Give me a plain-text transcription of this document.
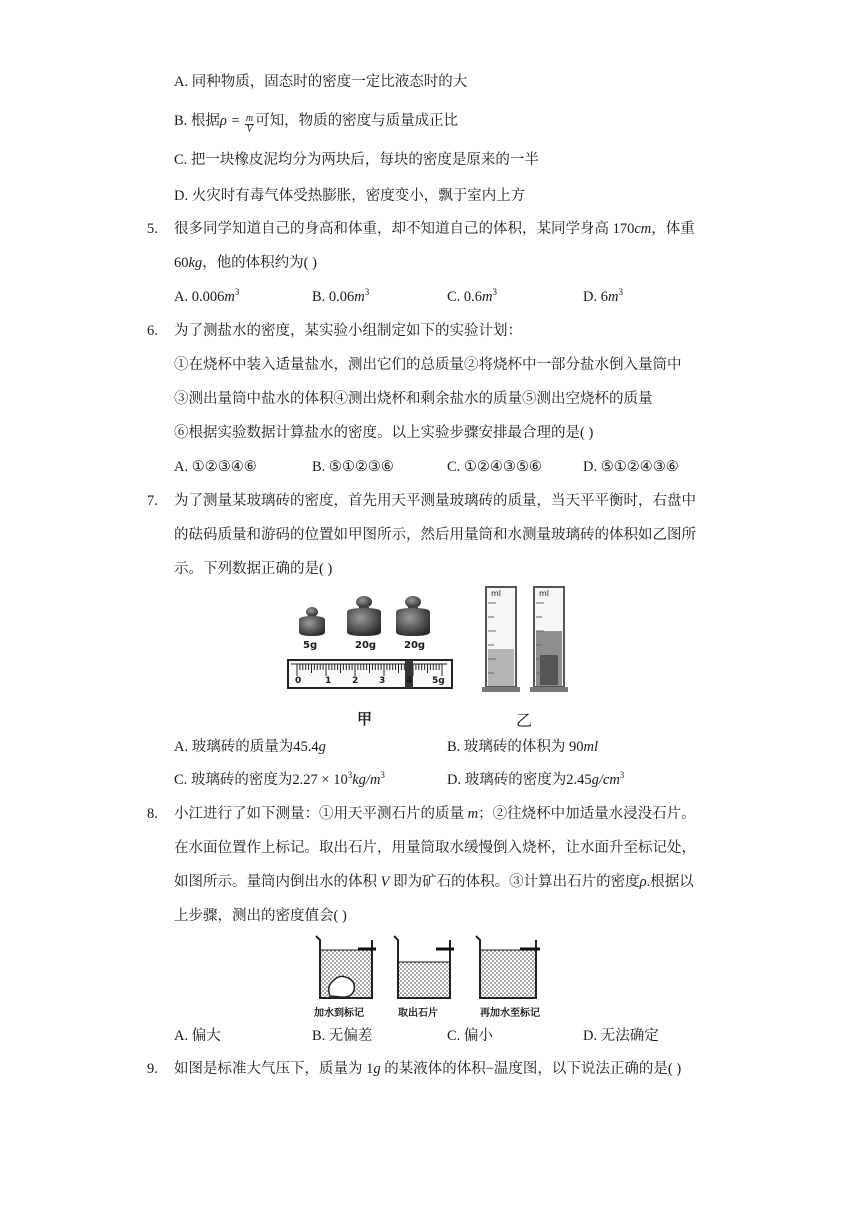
A. 同种物质，固态时的密度一定比液态时的大
B. 根据$\rho = \frac{m}{V}$ 可知，物质的密度与质量成正比
C. 把一块橡皮泥均分为两块后，每块的密度是原来的一半
D. 火灾时有毒气体受热膨胀，密度变小，飘于室内上方
5. 很多同学知道自己的身高和体重，却不知道自己的体积，某同学身高 170cm，体重
60kg，他的体积约为( )
A. $0.006m^3$	B. $0.06m^3$	C. $0.6m^3$	D. $6m^3$
6. 为了测盐水的密度，某实验小组制定如下的实验计划：
①在烧杯中装入适量盐水，测出它们的总质量②将烧杯中一部分盐水倒入量筒中
③测出量筒中盐水的体积④测出烧杯和剩余盐水的质量⑤测出空烧杯的质量
⑥根据实验数据计算盐水的密度。以上实验步骤安排最合理的是( )
A. ①②③④⑥	B. ⑤①②③⑥	C. ①②④③⑤⑥	D. ⑤①②④③⑥
7. 为了测量某玻璃砖的密度，首先用天平测量玻璃砖的质量，当天平平衡时，右盘中
的砝码质量和游码的位置如甲图所示，然后用量筒和水测量玻璃砖的体积如乙图所
示。下列数据正确的是( )
5g	20g	20g
0	1 2 3 4 5g
ml	ml
甲	乙
A. 玻璃砖的质量为45.4g	B. 玻璃砖的体积为 90ml
C. 玻璃砖的密度为$2.27 \times 10^3kg/m^3$	D. 玻璃砖的密度为$2.45g/cm^3$
8. 小江进行了如下测量：①用天平测石片的质量 m；②往烧杯中加适量水浸没石片。
在水面位置作上标记。取出石片，用量筒取水缓慢倒入烧杯，让水面升至标记处，
如图所示。量筒内倒出水的体积 V 即为矿石的体积。③计算出石片的密度ρ.根据以
上步骤，测出的密度值会( )
加水到标记	取出石片	再加水至标记
A. 偏大	B. 无偏差	C. 偏小	D. 无法确定
9. 如图是标准大气压下，质量为 1g 的某液体的体积−温度图，以下说法正确的是( )
